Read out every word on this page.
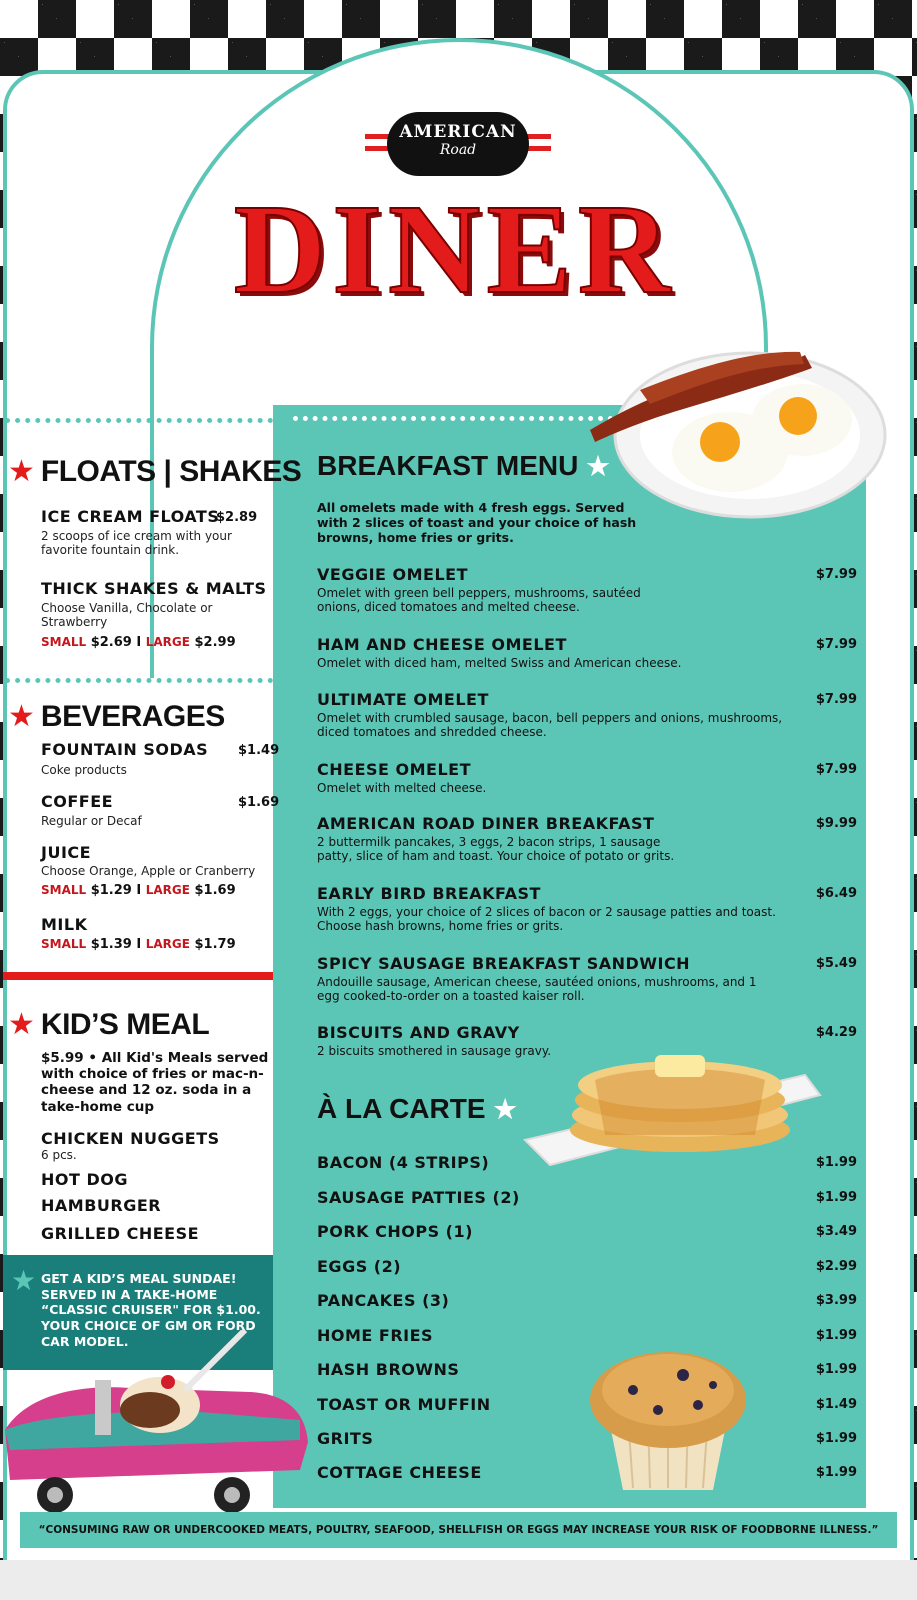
AMERICAN
Road
DINER
★ FLOATS | SHAKES
ICE CREAM FLOATS
$2.89
2 scoops of ice cream with your favorite fountain drink.
THICK SHAKES & MALTS
Choose Vanilla, Chocolate or Strawberry
SMALL $2.69 I LARGE $2.99
★ BEVERAGES
FOUNTAIN SODAS $1.49
Coke products
COFFEE	$1.69
Regular or Decaf
JUICE
Choose Orange, Apple or Cranberry
SMALL $1.29 I LARGE $1.69
MILK
SMALL $1.39 I LARGE $1.79
★ KID’S MEAL
$5.99 • All Kid's Meals served with choice of fries or mac-n-cheese and 12 oz. soda in a take-home cup
CHICKEN NUGGETS
6 pcs.
HOT DOG
HAMBURGER
GRILLED CHEESE
★ GET A KID’S MEAL SUNDAE! SERVED IN A TAKE-HOME “CLASSIC CRUISER" FOR $1.00. YOUR CHOICE OF GM OR FORD CAR MODEL.
BREAKFAST MENU ★
All omelets made with 4 fresh eggs. Served with 2 slices of toast and your choice of hash browns, home fries or grits.
VEGGIE OMELET
Omelet with green bell peppers, mushrooms, sautéed onions, diced tomatoes and melted cheese.
$7.99
HAM AND CHEESE OMELET
Omelet with diced ham, melted Swiss and American cheese.
$7.99
ULTIMATE OMELET
Omelet with crumbled sausage, bacon, bell peppers and onions, mushrooms, diced tomatoes and shredded cheese.
$7.99
CHEESE OMELET
Omelet with melted cheese.
$7.99
AMERICAN ROAD DINER BREAKFAST
2 buttermilk pancakes, 3 eggs, 2 bacon strips, 1 sausage patty, slice of ham and toast. Your choice of potato or grits.
$9.99
EARLY BIRD BREAKFAST
With 2 eggs, your choice of 2 slices of bacon or 2 sausage patties and toast. Choose hash browns, home fries or grits.
$6.49
SPICY SAUSAGE BREAKFAST SANDWICH
Andouille sausage, American cheese, sautéed onions, mushrooms, and 1 egg cooked-to-order on a toasted kaiser roll.
$5.49
BISCUITS AND GRAVY
2 biscuits smothered in sausage gravy.
$4.29
À LA CARTE ★
BACON (4 STRIPS)	$1.99
SAUSAGE PATTIES (2)	$1.99
PORK CHOPS (1)	$3.49
EGGS (2)	$2.99
PANCAKES (3)	$3.99
HOME FRIES	$1.99
HASH BROWNS	$1.99
TOAST OR MUFFIN	$1.49
GRITS	$1.99
COTTAGE CHEESE	$1.99
“CONSUMING RAW OR UNDERCOOKED MEATS, POULTRY, SEAFOOD, SHELLFISH OR EGGS MAY INCREASE YOUR RISK OF FOODBORNE ILLNESS.”
